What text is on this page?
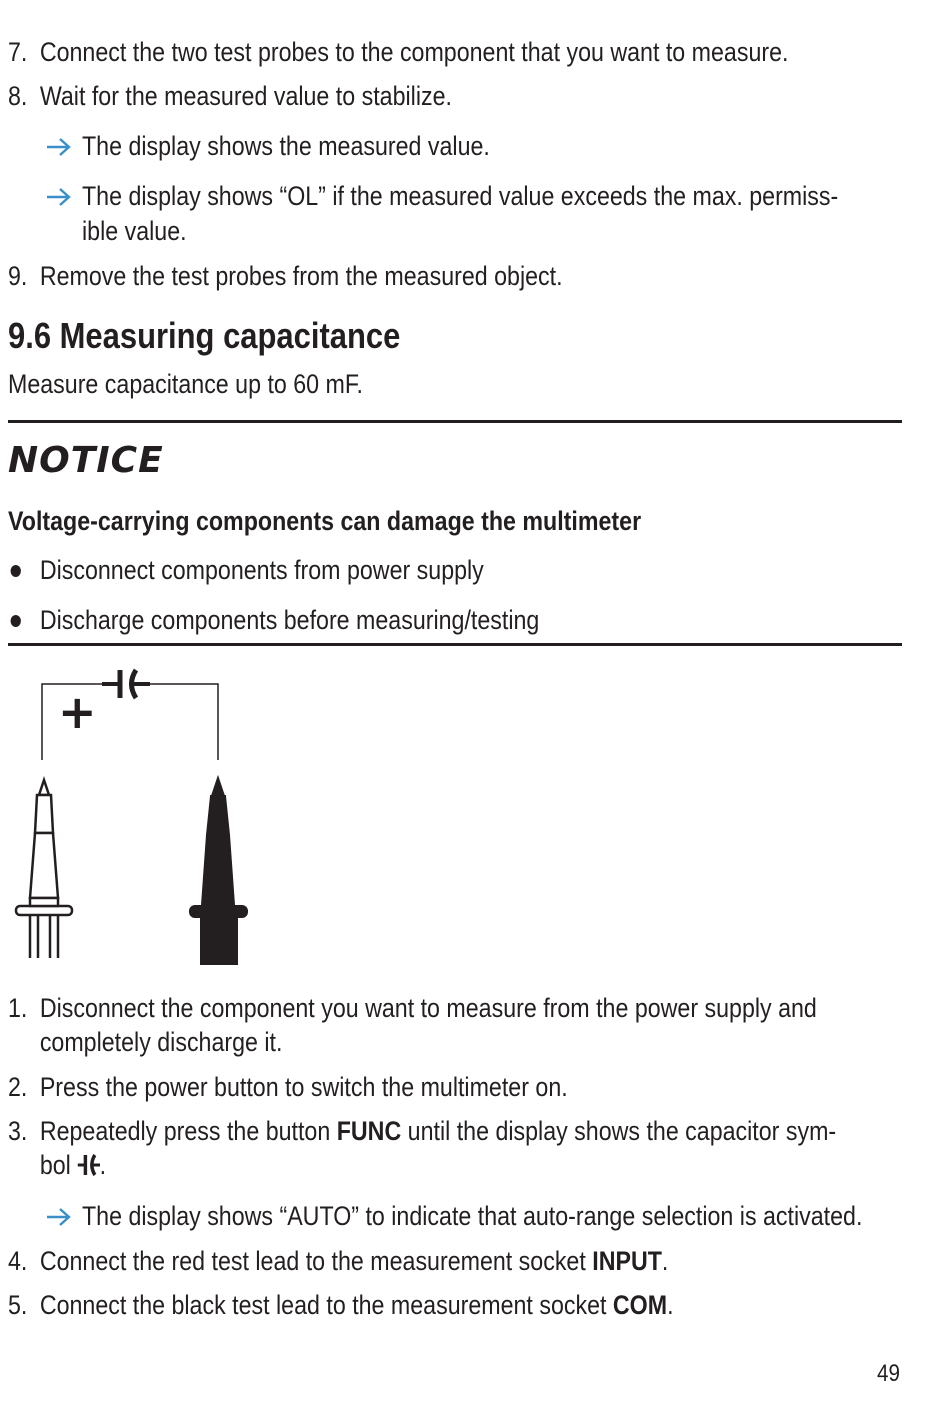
7. Connect the two test probes to the component that you want to measure.
8. Wait for the measured value to stabilize.
The display shows the measured value.
The display shows “OL” if the measured value exceeds the max. permiss-
ible value.
9. Remove the test probes from the measured object.
9.6 Measuring capacitance
Measure capacitance up to 60 mF.
NOTICE
Voltage-carrying components can damage the multimeter
Disconnect components from power supply
Discharge components before measuring/testing
+
1. Disconnect the component you want to measure from the power supply and
completely discharge it.
2. Press the power button to switch the multimeter on.
3. Repeatedly press the button FUNC until the display shows the capacitor sym-
bol .
The display shows “AUTO” to indicate that auto-range selection is activated.
4. Connect the red test lead to the measurement socket INPUT.
5. Connect the black test lead to the measurement socket COM.
49
